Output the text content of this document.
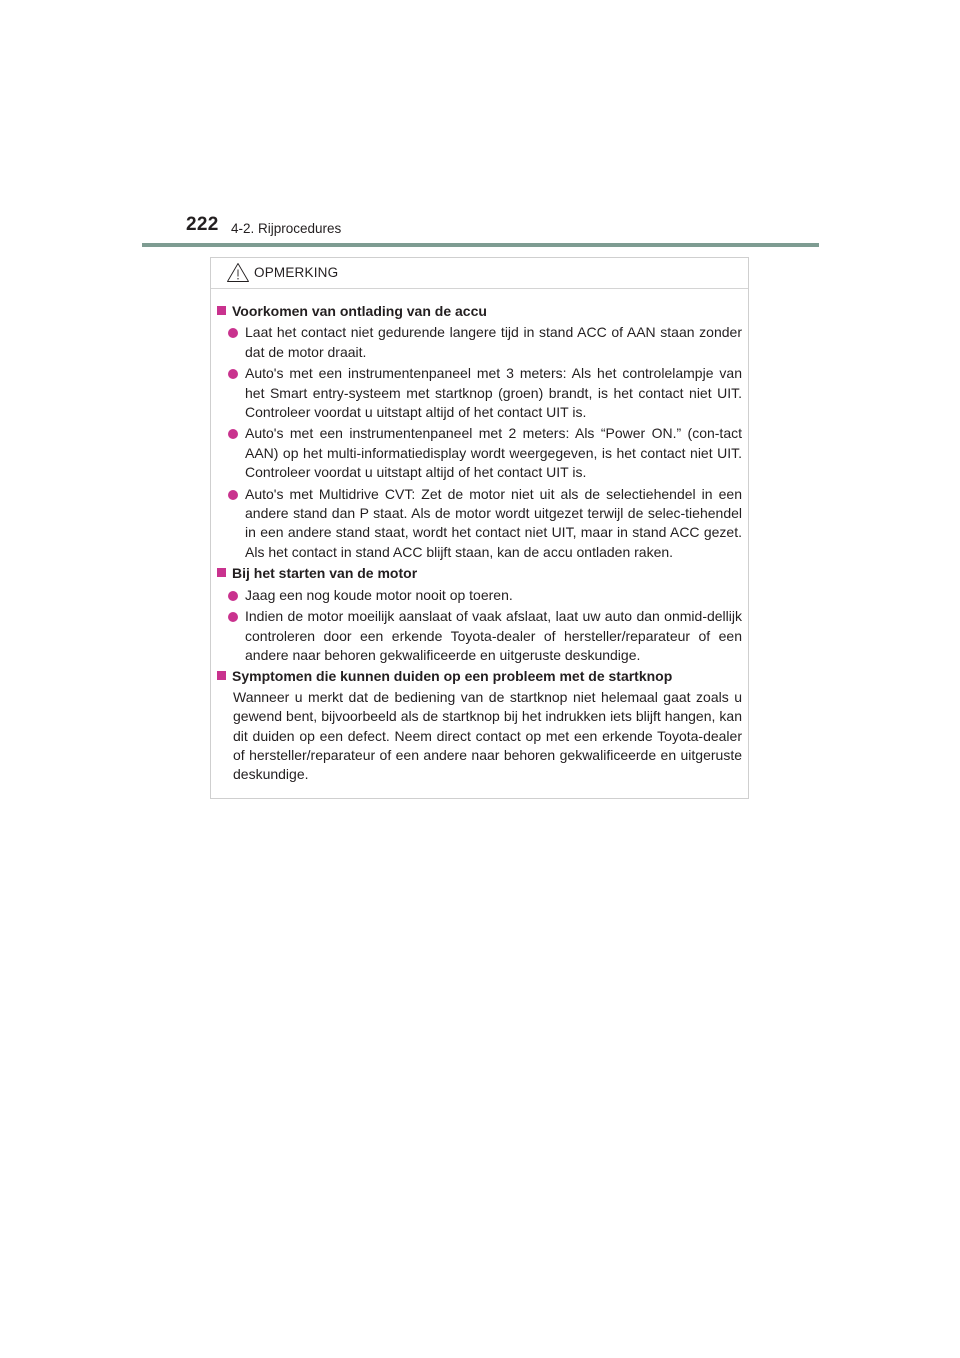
222 4-2. Rijprocedures
OPMERKING
Voorkomen van ontlading van de accu
Laat het contact niet gedurende langere tijd in stand ACC of AAN staan zonder dat de motor draait.
Auto's met een instrumentenpaneel met 3 meters: Als het controlelampje van het Smart entry-systeem met startknop (groen) brandt, is het contact niet UIT. Controleer voordat u uitstapt altijd of het contact UIT is.
Auto's met een instrumentenpaneel met 2 meters: Als “Power ON.” (con-tact AAN) op het multi-informatiedisplay wordt weergegeven, is het contact niet UIT. Controleer voordat u uitstapt altijd of het contact UIT is.
Auto's met Multidrive CVT: Zet de motor niet uit als de selectiehendel in een andere stand dan P staat. Als de motor wordt uitgezet terwijl de selec-tiehendel in een andere stand staat, wordt het contact niet UIT, maar in stand ACC gezet. Als het contact in stand ACC blijft staan, kan de accu ontladen raken.
Bij het starten van de motor
Jaag een nog koude motor nooit op toeren.
Indien de motor moeilijk aanslaat of vaak afslaat, laat uw auto dan onmid-dellijk controleren door een erkende Toyota-dealer of hersteller/reparateur of een andere naar behoren gekwalificeerde en uitgeruste deskundige.
Symptomen die kunnen duiden op een probleem met de startknop
Wanneer u merkt dat de bediening van de startknop niet helemaal gaat zoals u gewend bent, bijvoorbeeld als de startknop bij het indrukken iets blijft hangen, kan dit duiden op een defect. Neem direct contact op met een erkende Toyota-dealer of hersteller/reparateur of een andere naar behoren gekwalificeerde en uitgeruste deskundige.
